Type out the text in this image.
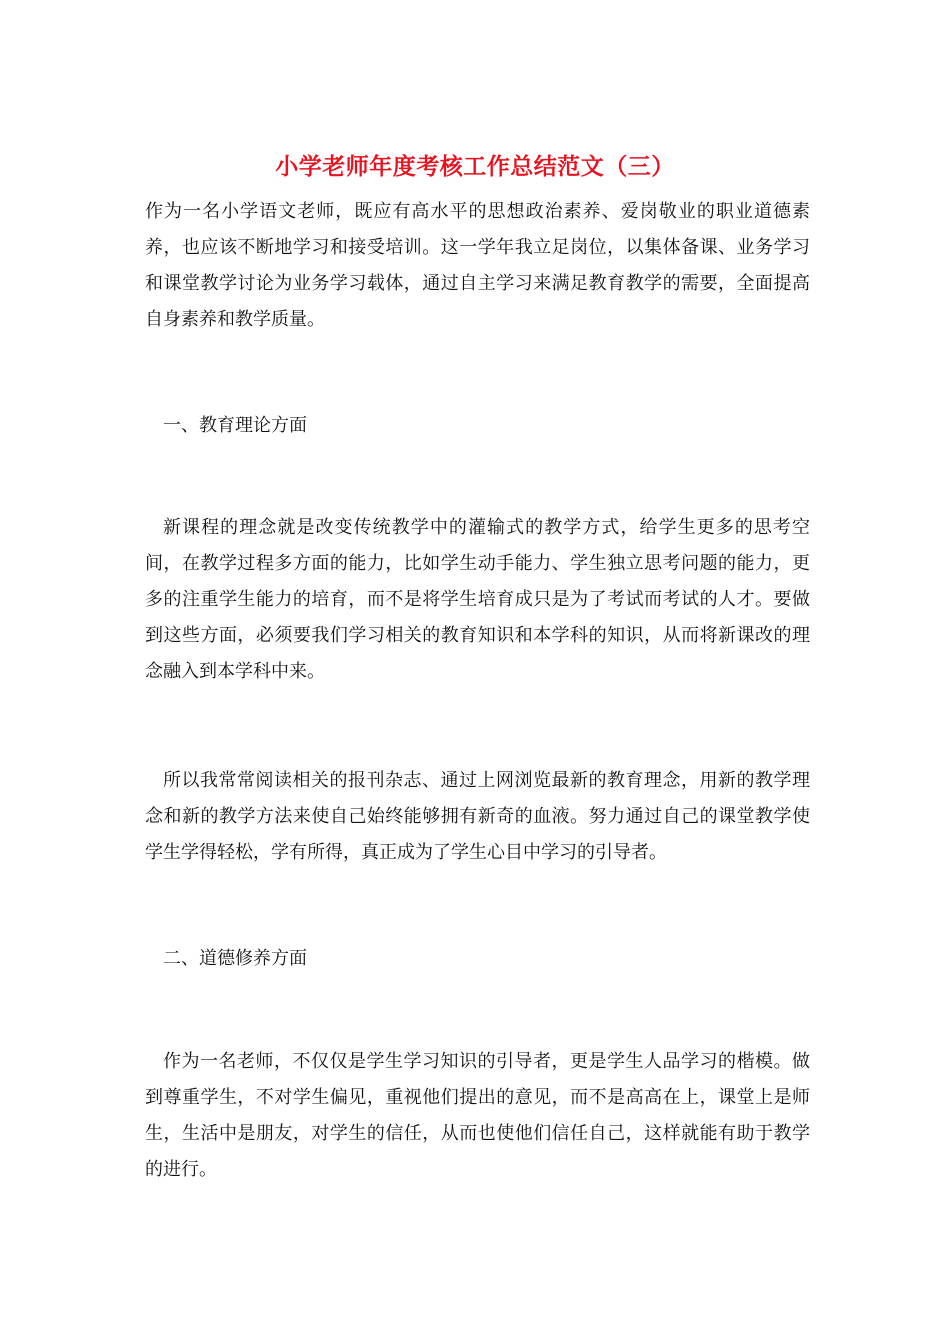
小学老师年度考核工作总结范文（三）

作为一名小学语文老师，既应有高水平的思想政治素养、爱岗敬业的职业道德素养，也应该不断地学习和接受培训。这一学年我立足岗位，以集体备课、业务学习和课堂教学讨论为业务学习载体，通过自主学习来满足教育教学的需要，全面提高自身素养和教学质量。

一、教育理论方面

新课程的理念就是改变传统教学中的灌输式的教学方式，给学生更多的思考空间，在教学过程多方面的能力，比如学生动手能力、学生独立思考问题的能力，更多的注重学生能力的培育，而不是将学生培育成只是为了考试而考试的人才。要做到这些方面，必须要我们学习相关的教育知识和本学科的知识，从而将新课改的理念融入到本学科中来。

所以我常常阅读相关的报刊杂志、通过上网浏览最新的教育理念，用新的教学理念和新的教学方法来使自己始终能够拥有新奇的血液。努力通过自己的课堂教学使学生学得轻松，学有所得，真正成为了学生心目中学习的引导者。

二、道德修养方面

作为一名老师，不仅仅是学生学习知识的引导者，更是学生人品学习的楷模。做到尊重学生，不对学生偏见，重视他们提出的意见，而不是高高在上，课堂上是师生，生活中是朋友，对学生的信任，从而也使他们信任自己，这样就能有助于教学的进行。
